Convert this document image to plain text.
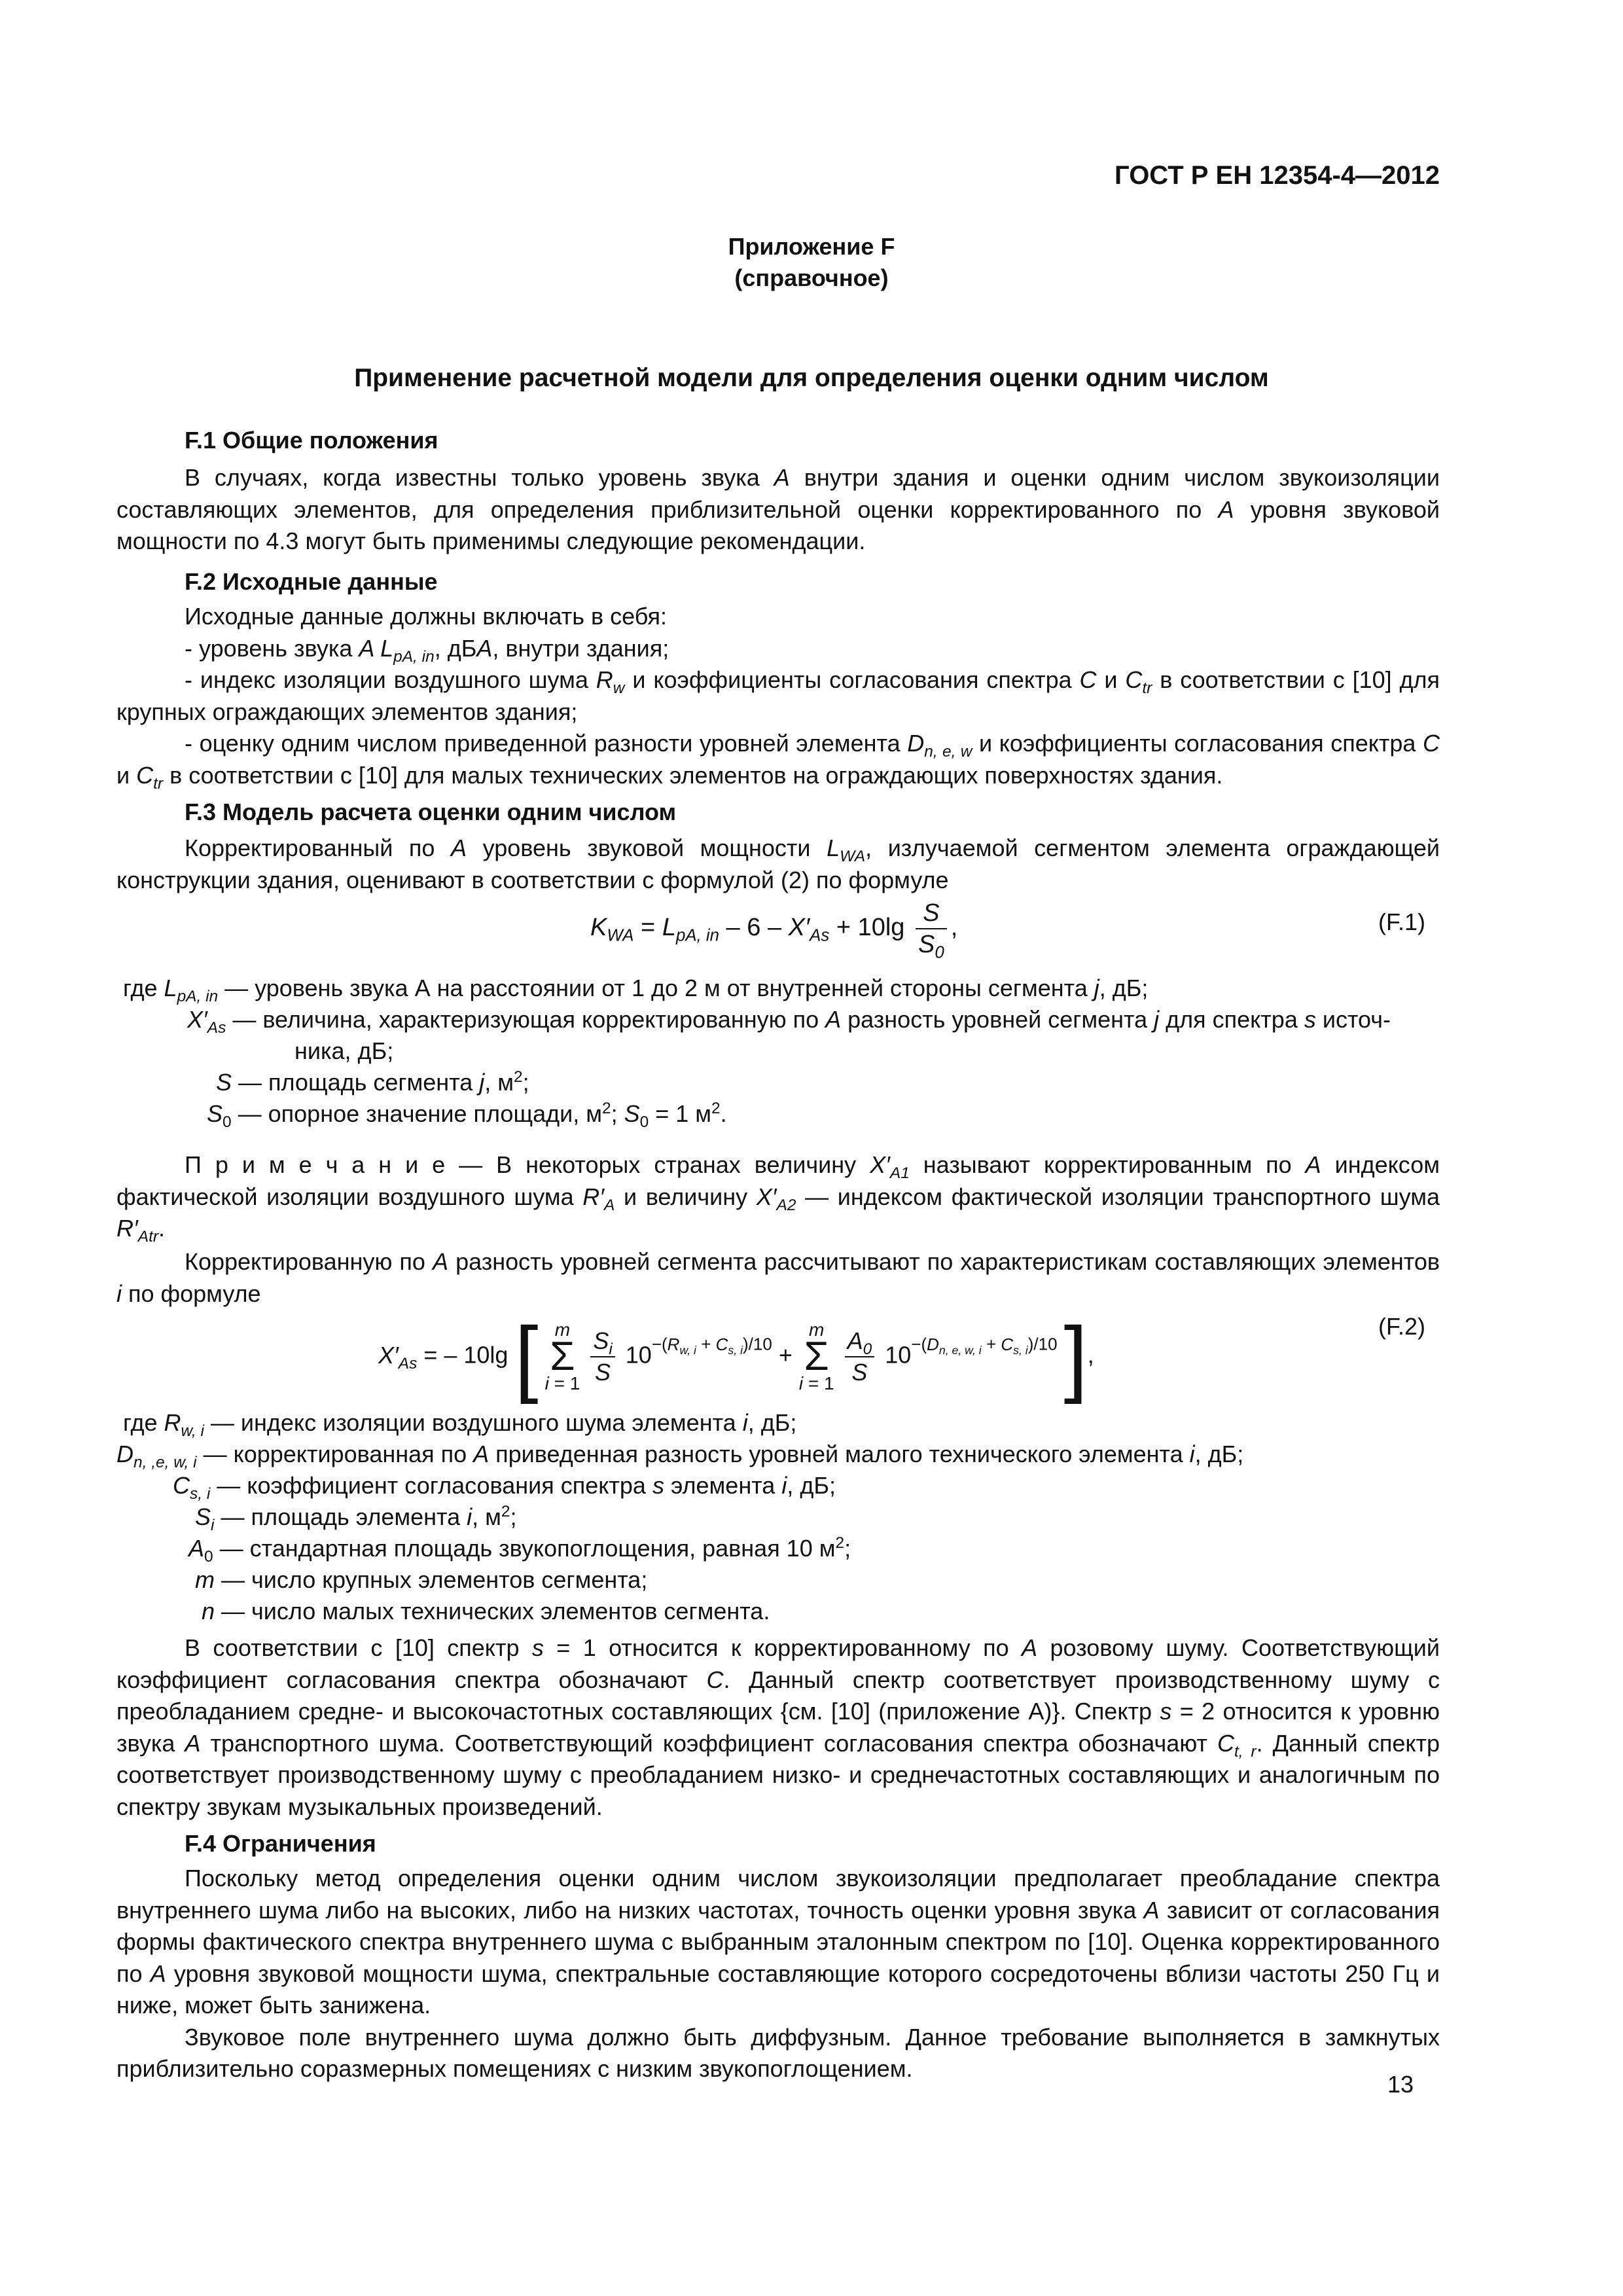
ГОСТ Р ЕН 12354-4—2012
Приложение F
(справочное)
Применение расчетной модели для определения оценки одним числом
F.1 Общие положения

В случаях, когда известны только уровень звука A внутри здания и оценки одним числом звукоизоляции составляющих элементов, для определения приблизительной оценки корректированного по A уровня звуковой мощности по 4.3 могут быть применимы следующие рекомендации.

F.2 Исходные данные

Исходные данные должны включать в себя:

- уровень звука A $L_{pA, in}$, дБA, внутри здания;

- индекс изоляции воздушного шума $R_w$ и коэффициенты согласования спектра C и $C_{tr}$ в соответствии с [10] для крупных ограждающих элементов здания;

- оценку одним числом приведенной разности уровней элемента $D_{n, e, w}$ и коэффициенты согласования спектра C и $C_{tr}$ в соответствии с [10] для малых технических элементов на ограждающих поверхностях здания.

F.3 Модель расчета оценки одним числом

Корректированный по A уровень звуковой мощности $L_{WA}$, излучаемой сегментом элемента ограждающей конструкции здания, оценивают в соответствии с формулой (2) по формуле

$K_{WA} = L_{pA, in} - 6 - X'_{As} + 10\lg \frac{S}{S_0}$ ,	(F.1)
где $L_{pA, in}$ — уровень звука А на расстоянии от 1 до 2 м от внутренней стороны сегмента j, дБ;
$X'_{As}$ — величина, характеризующая корректированную по A разность уровней сегмента j для спектра s источ-
ника, дБ;
S — площадь сегмента j, $м^2$;
$S_0$ — опорное значение площади, $м^2$; $S_0 = 1$ $м^2$.

П р и м е ч а н и е — В некоторых странах величину $X'_{A1}$ называют корректированным по A индексом фактической изоляции воздушного шума $R'_A$ и величину $X'_{A2}$ — индексом фактической изоляции транспортного шума $R'_{Atr}$.

Корректированную по A разность уровней сегмента рассчитывают по характеристикам составляющих элементов i по формуле

$X'_{As}$ = – 10lg [ m
Σ
$i = 1 \frac{S_i}{S} 10^{-(R_{w, i} + C_{s, i})/10} + m$
Σ
$i = 1 \frac{A_0}{S} 10^{-(D_{n, e, w, i} + C_{s, i})/10}$ ],
(F.2)
где $R_{w, i}$ — индекс изоляции воздушного шума элемента i, дБ;
$D_{n, ,e, w, i}$ — корректированная по A приведенная разность уровней малого технического элемента i, дБ;
$C_{s, i}$ — коэффициент согласования спектра s элемента i, дБ;
$S_i$ — площадь элемента i, $м^2$;
$A_0$ — стандартная площадь звукопоглощения, равная 10 $м^2$;
m — число крупных элементов сегмента;
n — число малых технических элементов сегмента.

В соответствии с [10] спектр s = 1 относится к корректированному по A розовому шуму. Соответствующий коэффициент согласования спектра обозначают C. Данный спектр соответствует производственному шуму с преобладанием средне- и высокочастотных составляющих {см. [10] (приложение A)}. Спектр s = 2 относится к уровню звука A транспортного шума. Соответствующий коэффициент согласования спектра обозначают $C_{t, r}$. Данный спектр соответствует производственному шуму с преобладанием низко- и среднечастотных составляющих и аналогичным по спектру звукам музыкальных произведений.

F.4 Ограничения

Поскольку метод определения оценки одним числом звукоизоляции предполагает преобладание спектра внутреннего шума либо на высоких, либо на низких частотах, точность оценки уровня звука A зависит от согласования формы фактического спектра внутреннего шума с выбранным эталонным спектром по [10]. Оценка корректированного по A уровня звуковой мощности шума, спектральные составляющие которого сосредоточены вблизи частоты 250 Гц и ниже, может быть занижена.

Звуковое поле внутреннего шума должно быть диффузным. Данное требование выполняется в замкнутых приблизительно соразмерных помещениях с низким звукопоглощением.

13
